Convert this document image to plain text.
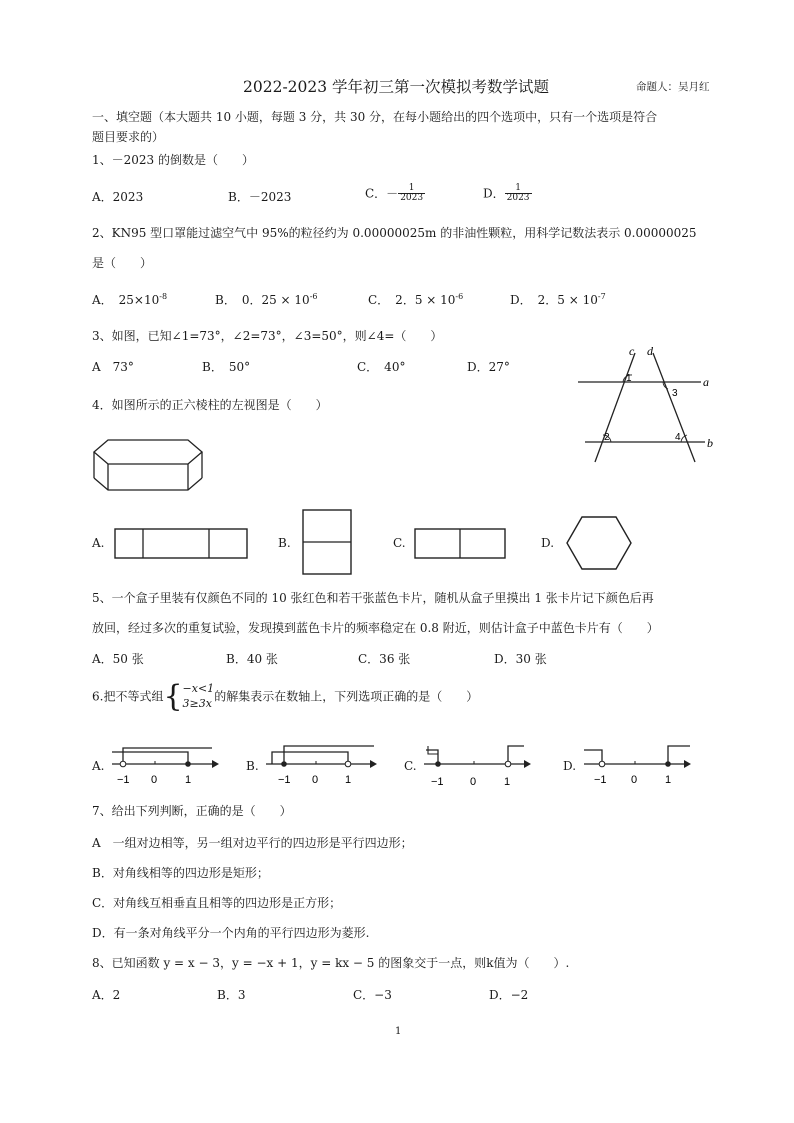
2022-2023 学年初三第一次模拟考数学试题	命题人：吴月红
一、填空题（本大题共 10 小题，每题 3 分，共 30 分，在每小题给出的四个选项中，只有一个选项是符合
题目要求的）
1、－2023 的倒数是（　　）
A．2023	B．－2023	C．－ $\frac{1}{2023}$	D． $\frac{1}{2023}$
2、KN95 型口罩能过滤空气中 95%的粒径约为 0.00000025m 的非油性颗粒，用科学记数法表示 0.00000025
是（　　）
A．　$25\times 10^{-8}$	B．　0．$25 \times 10^{-6}$	C．　2．$5 \times 10^{-6}$	D．　2．$5 \times 10^{-7}$
3、如图，已知∠1=73°，∠2=73°，∠3=50°，则∠4=（　　）
A　73°	B．　50°	C．　40°	D．27°
c d
a
b
1
2
3
4
4．如图所示的正六棱柱的左视图是（　　）
A.	B.	C.	D.
5、一个盒子里装有仅颜色不同的 10 张红色和若干张蓝色卡片，随机从盒子里摸出 1 张卡片记下颜色后再
放回，经过多次的重复试验，发现摸到蓝色卡片的频率稳定在 0.8 附近，则估计盒子中蓝色卡片有（　　）
A．50 张	B．40 张	C．36 张	D．30 张
6.把不等式组{ −x<1
3≥3x 的解集表示在数轴上，下列选项正确的是（　　）
A.
−1 0	1
B.
−1 0 1
C.
−1 0	1
D.
−1 0	1
7、给出下列判断，正确的是（　　）
A　一组对边相等，另一组对边平行的四边形是平行四边形；
B．对角线相等的四边形是矩形；
C．对角线互相垂直且相等的四边形是正方形；
D．有一条对角线平分一个内角的平行四边形为菱形.
8、已知函数 y = x − 3，y = −x + 1，y = kx − 5 的图象交于一点，则k值为（　　）.
A．2	B．3	C．−3	D．−2
1
